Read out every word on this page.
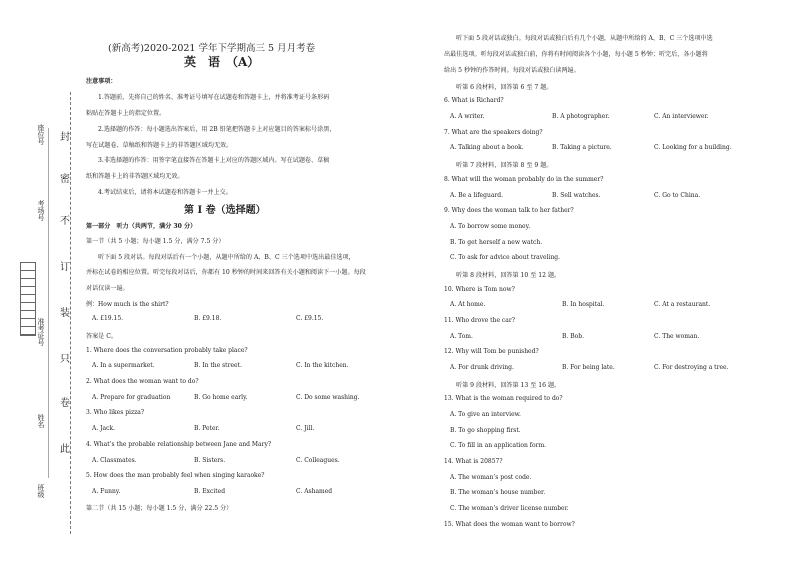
封
密
不
订
装
只
卷
此
座位号
考场号
准考证号
姓名
班级
(新高考)2020-2021 学年下学期高三 5 月月考卷
英　语　（A）
注意事项：
1.答题前，先将自己的姓名、准考证号填写在试题卷和答题卡上，并将准考证号条形码
粘贴在答题卡上的指定位置。
2.选择题的作答：每小题选出答案后，用 2B 铅笔把答题卡上对应题目的答案标号涂黑，
写在试题卷、草稿纸和答题卡上的非答题区域均无效。
3.非选择题的作答：用签字笔直接答在答题卡上对应的答题区域内。写在试题卷、草稿
纸和答题卡上的非答题区域均无效。
4.考试结束后，请将本试题卷和答题卡一并上交。
第 I 卷（选择题）
第一部分　听力（共两节，满分 30 分）
第一节（共 5 小题；每小题 1.5 分，满分 7.5 分）
听下面 5 段对话。每段对话后有一个小题，从题中所给的 A、B、C 三个选项中选出最佳选项，
并标在试卷的相应位置。听完每段对话后，你都有 10 秒钟的时间来回答有关小题和阅读下一小题。每段
对话仅读一遍。
例：How much is the shirt?
A. £19.15.	B. £9.18.	C. £9.15.
答案是 C。
1. Where does the conversation probably take place?
A. In a supermarket.	B. In the street.	C. In the kitchen.
2. What does the woman want to do?
A. Prepare for graduation	B. Go home early.	C. Do some washing.
3. Who likes pizza?
A. Jack.	B. Peter.	C. Jill.
4. What’s the probable relationship between Jane and Mary?
A. Classmates.	B. Sisters.	C. Colleagues.
5. How does the man probably feel when singing karaoke?
A. Funny.	B. Excited	C. Ashamed
第二节（共 15 小题；每小题 1.5 分，满分 22.5 分）
听下面 5 段对话或独白。每段对话或独白后有几个小题，从题中所给的 A、B、C 三个选项中选
出最佳选项。听每段对话或独白前，你将有时间阅读各个小题，每小题 5 秒钟；听完后，各小题将
给出 5 秒钟的作答时间。每段对话或独白读两遍。
听第 6 段材料，回答第 6 至 7 题。
6. What is Richard?
A. A writer.	B. A photographer.	C. An interviewer.
7. What are the speakers doing?
A. Talking about a book.	B. Taking a picture.	C. Looking for a building.
听第 7 段材料，回答第 8 至 9 题。
8. What will the woman probably do in the summer?
A. Be a lifeguard.	B. Sell watches.	C. Go to China.
9. Why does the woman talk to her father?
A. To borrow some money.
B. To get herself a new watch.
C. To ask for advice about traveling.
听第 8 段材料，回答第 10 至 12 题。
10. Where is Tom now?
A. At home.	B. In hospital.	C. At a restaurant.
11. Who drove the car?
A. Tom.	B. Bob.	C. The woman.
12. Why will Tom be punished?
A. For drunk driving.	B. For being late.	C. For destroying a tree.
听第 9 段材料，回答第 13 至 16 题。
13. What is the woman required to do?
A. To give an interview.
B. To go shopping first.
C. To fill in an application form.
14. What is 20857?
A. The woman’s post code.
B. The woman’s house number.
C. The woman’s driver license number.
15. What does the woman want to borrow?
